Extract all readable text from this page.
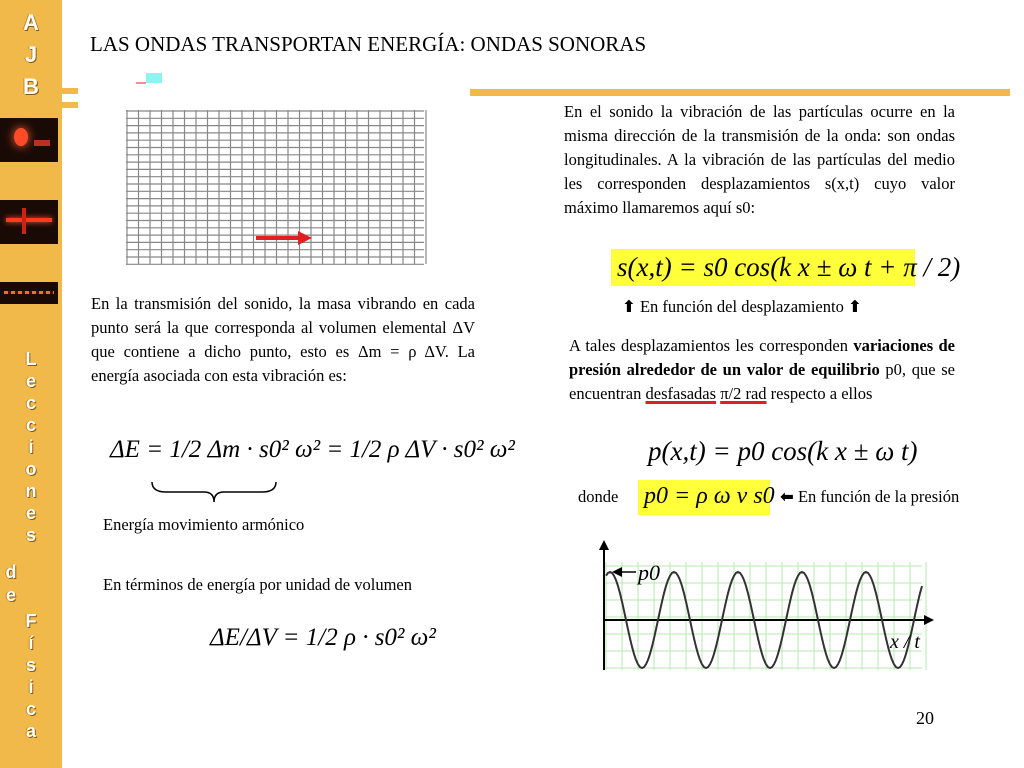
A
J
B
L
e
c
c
i
o
n
e
s
d
e
F
í
s
i
c
a
LAS ONDAS TRANSPORTAN ENERGÍA: ONDAS SONORAS
En el sonido la vibración de las partículas ocurre en la misma dirección de la transmisión de la onda: son ondas longitudinales. A la vibración de las partículas del medio les corresponden desplazamientos s(x,t) cuyo valor máximo llamaremos aquí s0:
s(x,t) = s0 cos(k x ± ω t + π / 2)
⬆ En función del desplazamiento ⬆
A tales desplazamientos les corresponden variaciones de presión alrededor de un valor de equilibrio p0, que se encuentran desfasadas π/2 rad respecto a ellos
p(x,t) = p0 cos(k x ± ω t)
donde p0 = ρ ω v s0 ⬅ En función de la presión
p0
x / t
En la transmisión del sonido, la masa vibrando en cada punto será la que corresponda al volumen elemental ΔV que contiene a dicho punto, esto es Δm = ρ ΔV. La energía asociada con esta vibración es:
ΔE = 1/2 Δm · s0² ω² = 1/2 ρ ΔV · s0² ω²
Energía movimiento armónico
En términos de energía por unidad de volumen
ΔE/ΔV = 1/2 ρ · s0² ω²
20
